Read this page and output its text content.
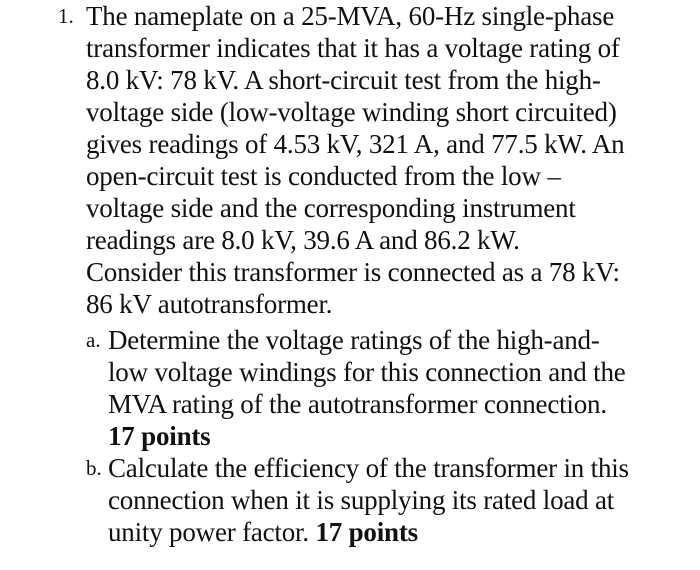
1. The nameplate on a 25-MVA, 60-Hz single-phase
transformer indicates that it has a voltage rating of
8.0 kV: 78 kV. A short-circuit test from the high-
voltage side (low-voltage winding short circuited)
gives readings of 4.53 kV, 321 A, and 77.5 kW. An
open-circuit test is conducted from the low –
voltage side and the corresponding instrument
readings are 8.0 kV, 39.6 A and 86.2 kW.
Consider this transformer is connected as a 78 kV:
86 kV autotransformer.
a. Determine the voltage ratings of the high-and-
low voltage windings for this connection and the
MVA rating of the autotransformer connection.
17 points
b. Calculate the efficiency of the transformer in this
connection when it is supplying its rated load at
unity power factor. 17 points
